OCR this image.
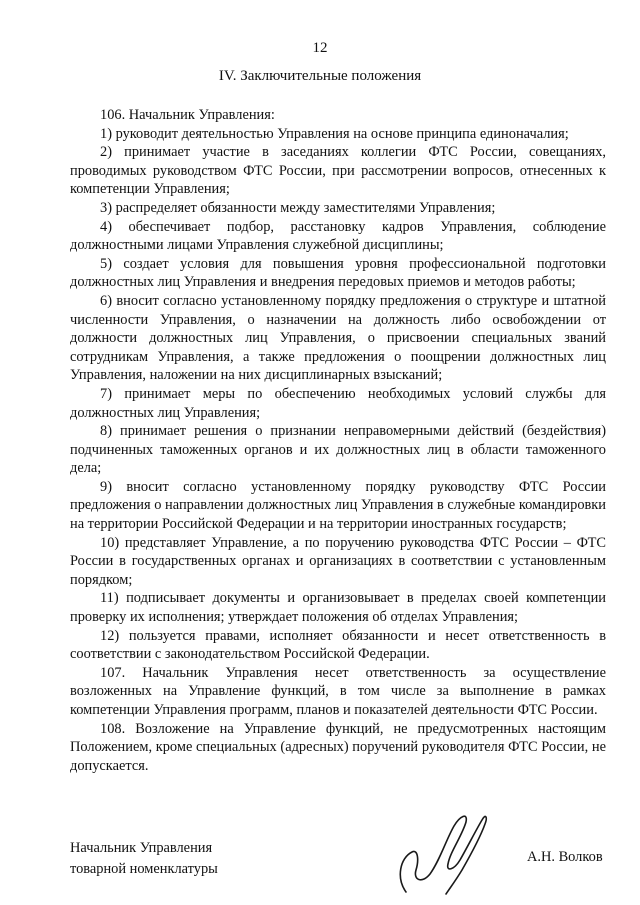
12
IV. Заключительные положения

106. Начальник Управления:

1) руководит деятельностью Управления на основе принципа единоначалия;

2) принимает участие в заседаниях коллегии ФТС России, совещаниях, проводимых руководством ФТС России, при рассмотрении вопросов, отнесенных к компетенции Управления;

3) распределяет обязанности между заместителями Управления;

4) обеспечивает подбор, расстановку кадров Управления, соблюдение должностными лицами Управления служебной дисциплины;

5) создает условия для повышения уровня профессиональной подготовки должностных лиц Управления и внедрения передовых приемов и методов работы;

6) вносит согласно установленному порядку предложения о структуре и штатной численности Управления, о назначении на должность либо освобождении от должности должностных лиц Управления, о присвоении специальных званий сотрудникам Управления, а также предложения о поощрении должностных лиц Управления, наложении на них дисциплинарных взысканий;

7) принимает меры по обеспечению необходимых условий службы для должностных лиц Управления;

8) принимает решения о признании неправомерными действий (бездействия) подчиненных таможенных органов и их должностных лиц в области таможенного дела;

9) вносит согласно установленному порядку руководству ФТС России предложения о направлении должностных лиц Управления в служебные командировки на территории Российской Федерации и на территории иностранных государств;

10) представляет Управление, а по поручению руководства ФТС России – ФТС России в государственных органах и организациях в соответствии с установленным порядком;

11) подписывает документы и организовывает в пределах своей компетенции проверку их исполнения; утверждает положения об отделах Управления;

12) пользуется правами, исполняет обязанности и несет ответственность в соответствии с законодательством Российской Федерации.

107. Начальник Управления несет ответственность за осуществление возложенных на Управление функций, в том числе за выполнение в рамках компетенции Управления программ, планов и показателей деятельности ФТС России.

108. Возложение на Управление функций, не предусмотренных настоящим Положением, кроме специальных (адресных) поручений руководителя ФТС России, не допускается.

Начальник Управления
товарной номенклатуры
А.Н. Волков
